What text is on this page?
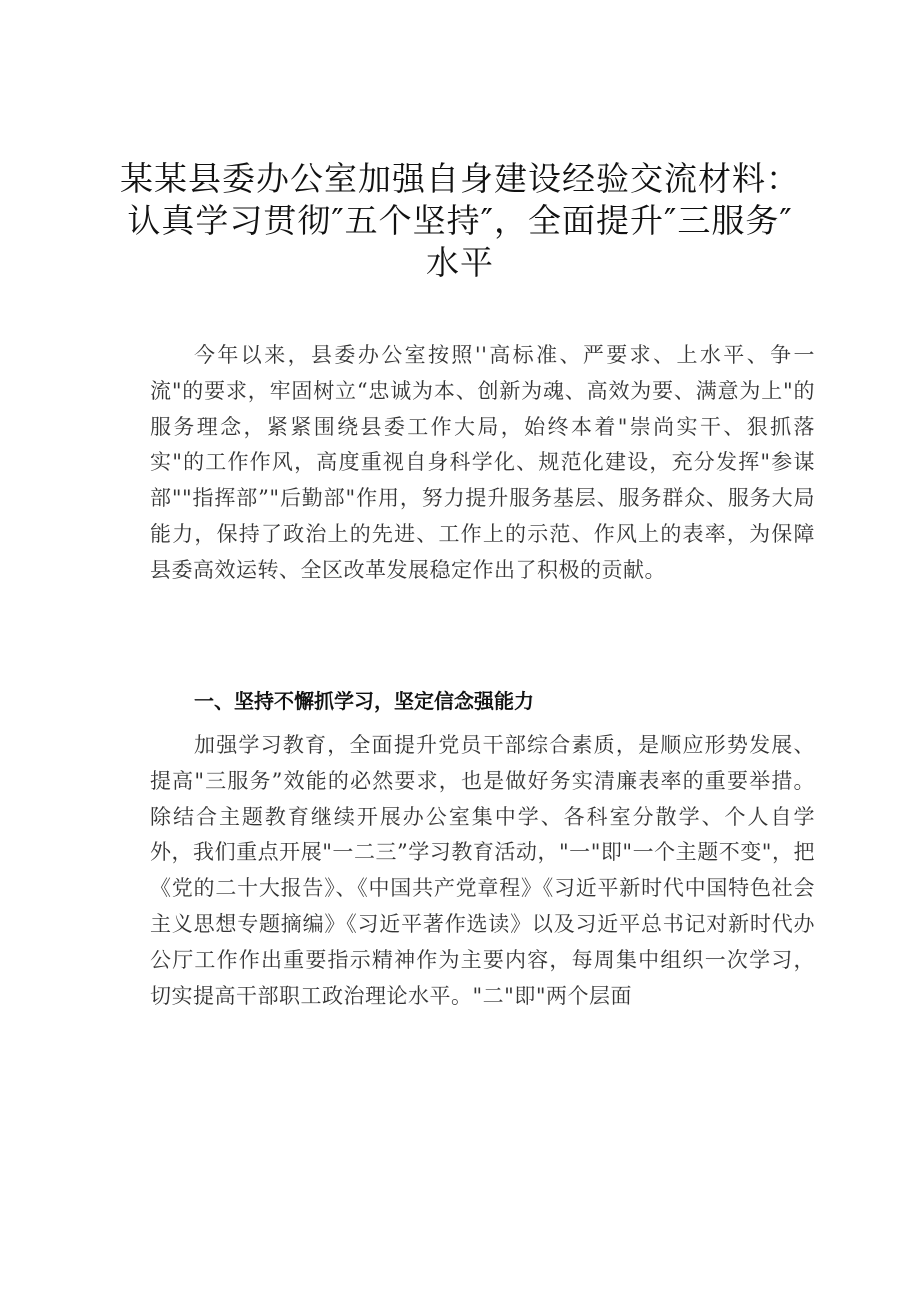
某某县委办公室加强自身建设经验交流材料：认真学习贯彻″五个坚持″，全面提升″三服务″水平

今年以来，县委办公室按照''高标准、严要求、上水平、争一流"的要求，牢固树立“忠诚为本、创新为魂、高效为要、满意为上"的服务理念，紧紧围绕县委工作大局，始终本着"崇尚实干、狠抓落实"的工作作风，高度重视自身科学化、规范化建设，充分发挥"参谋部""指挥部”"后勤部"作用，努力提升服务基层、服务群众、服务大局能力，保持了政治上的先进、工作上的示范、作风上的表率，为保障县委高效运转、全区改革发展稳定作出了积极的贡献。

一、坚持不懈抓学习，坚定信念强能力

加强学习教育，全面提升党员干部综合素质，是顺应形势发展、提高"三服务”效能的必然要求，也是做好务实清廉表率的重要举措。除结合主题教育继续开展办公室集中学、各科室分散学、个人自学外，我们重点开展"一二三”学习教育活动，"一"即"一个主题不变"，把《党的二十大报告》、《中国共产党章程》《习近平新时代中国特色社会主义思想专题摘编》《习近平著作选读》以及习近平总书记对新时代办公厅工作作出重要指示精神作为主要内容，每周集中组织一次学习，切实提高干部职工政治理论水平。"二"即"两个层面
